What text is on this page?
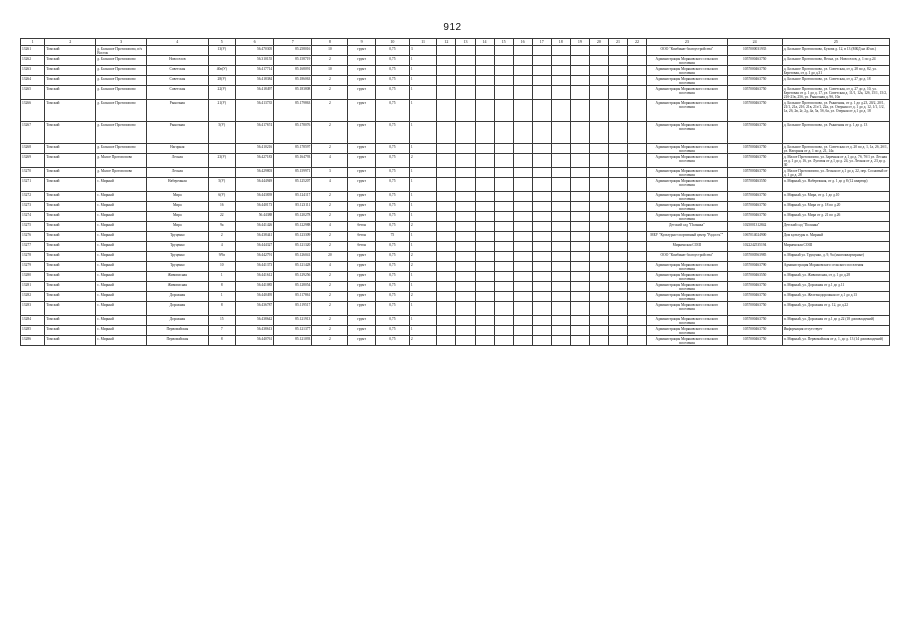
912
1	2	3	4	5	6	7	8	9	10	11	12	13	14	15	16	17	18	19	20	21	22	23	24	25
13261	Томский	д. Большое Протопопово, п/ч Восток		13(У)	56.470305	85.258016	10	грунт	0,75	3												ООО "Комбинат благоустройства"	1057000031935	д. Большое Протопопово, Бухова д. 12, в 13 (МКД на 40 кв.)
13262	Томский	д. Большое Протопопово	Новоселов		56.310155	85.158719	2	грунт	0,75	1												Администрация Моряковского сельского поселения	1057000463750	д. Большое Протопопово, Весна, ул. Новоселов, д. 1 по д.24
13263	Томский	д. Большое Протопопово	Советская	40в(У)	56.417714	85.168091	10	грунт	0,75	1												Администрация Моряковского сельского поселения	1057000463750	д. Большое Протопопово, ул. Советская, от д. 28 по д. 82, ул. Береговая, от д. 1 до д.31
13264	Томский	д. Большое Протопопово	Советская	28(У)	56.418384	85.186063	2	грунт	0,75	1												Администрация Моряковского сельского поселения	1057000463750	д. Большое Протопопово, ул. Советская, от д. 27 до д. 18
13265	Томский	д. Большое Протопопово	Советская	22(У)	56.418497	85.183808	2	грунт	0,75	1												Администрация Моряковского сельского поселения	1057000463750	д. Большое Протопопово, ул. Советская, от д. 27 до д. 10, ул. Береговая от д. 1 до д. 17, ул. Советская д. 11/1, 12а, 12б, 15/1, 15/2, 21б-21в, 25б, ул. Рыночная д. 9б, 10а
13266	Томский	д. Большое Протопопово	Рыночная	21(У)	56.413735	85.179863	2	грунт	0,75	1												Администрация Моряковского сельского поселения	1057000463750	д. Большое Протопопово, ул. Рыночная, от д. 1 до д.23, 20/2, 20/1, 21/1, 21а, 21б, 21в, 21г/1, 22а, ул. Озерная от д. 1 до д. 12, 1/1, 1/2, 1а, 2б, 2в, 2г, 2д, 4а, 5а, 5б, 6а, ул. Озерная от д.1 до д. 18
13267	Томский	д. Большое Протопопово	Рыночная	5(У)	56.417674	85.178076	2	грунт	0,75	1												Администрация Моряковского сельского поселения	1057000463750	д. Большое Протопопово, ул. Рыночная от д. 1 до д. 13
13268	Томский	д. Большое Протопопово	Нагорная		56.410216	85.178597	2	грунт	0,75	1												Администрация Моряковского сельского поселения	1057000463750	д. Большое Протопопово, ул. Советская от д. 20 по д. 1, 1а, 2б, 2б/1, ул. Нагорная от д. 1 по д. 21, 14а
13269	Томский	д. Малое Протопопово	Лесная	23(У)	56.427183	85.164793	4	грунт	0,75	2												Администрация Моряковского сельского поселения	1057000463750	д. Малое Протопопово, ул. Заречная от д.1 до д. 7б, 7б/1 ул. Лесная от д. 1 до д. 16, ул. Луговая от д.1 до д. 24, ул. Лесная от д. 23 до д. 30
13270	Томский	д. Малое Протопопово	Лесная		56.429803	85.159971	3	грунт	0,75	1												Администрация Моряковского сельского поселения	1057000463750	д. Малое Протопопово, ул. Лесная от д.1 до д. 22, пер. Сосновый от д. 1 до д. 28
13271	Томский	с. Мирный	Набережная	5(У)	56.444949	85.125207	4	грунт	0,75	1												Администрация Моряковского сельского поселения	1057000463550	п. Мирный, ул. Набережная, от д. 1 до д 8 (12 квартир)
13272	Томский	с. Мирный	Мира	6(У)	56.443839	85.124117	2	грунт	0,75	1												Администрация Моряковского сельского поселения	1057000463750	п. Мирный, ул. Мира, от д. 1 до д.10
13273	Томский	с. Мирный	Мира	16	56.440173	85.123111	2	грунт	0,75	1												Администрация Моряковского сельского поселения	1057000463750	п. Мирный, ул. Мира от д. 18 по д.20
13274	Томский	с. Мирный	Мира	22	56.44388	85.120278	2	грунт	0,75	1												Администрация Моряковского сельского поселения	1057000463750	п. Мирный, ул. Мира от д. 21 по д.26
13275	Томский	с. Мирный	Мира	9а	56.441426	85.122988	4	бетон	0,75	2												Детский сад "Полянка"	1025001312842	Детский сад "Полянка"
13276	Томский	с. Мирный	Труценко	2	56.438441	85.123309	2	бетон	75	1												МБУ "Культурно-спортивный центр "Радость""	1067014024900	Дом культуры п. Мирный
13277	Томский	с. Мирный	Труценко	4	56.444327	85.121320	2	бетон	0,75	1												Мирненская СОШ	1022242535194	Мирненская СОШ
13278	Томский	с. Мирный	Труценко	9/9а	56.442791	85.126041	20	грунт	0,75	2												ООО "Комбинат благоустройства"	1057000563985	п. Мирный ул. Труценко, д. 9, 9а (многоквартирные)
13279	Томский	с. Мирный	Труценко	10	56.441373	85.121428	4	грунт	0,75	2												Администрация Моряковского сельского поселения	1057000463790	Администрация Моряковского сельского поселения
13280	Томский	с. Мирный	Живописная	1	56.441612	85.129256	2	грунт	0,75	1												Администрация Моряковского сельского поселения	1057000463550	п. Мирный, ул. Живописная, от д. 1 до д.28
13281	Томский	с. Мирный	Живописная	8	56.441085	85.128054	2	грунт	0,75	1												Администрация Моряковского сельского поселения	1057000463750	п. Мирный, ул. Дорожная от д.1 до д.11
13282	Томский	с. Мирный	Дорожная	1	56.440495	85.117861	2	грунт	0,75	2												Администрация Моряковского сельского поселения	1057000463750	п. Мирный, ул. Железнодорожная от д.1 до д.13
13283	Томский	с. Мирный	Дорожная	8	56.436787	85.119517	2	грунт	0,75	1												Администрация Моряковского сельского поселения	1057000463750	п. Мирный, ул. Дорожная от д. 12, до д.22
13284	Томский	с. Мирный	Дорожная	15	56.438642	85.121913	2	грунт	0,75	1												Администрация Моряковского сельского поселения	1057000463750	п. Мирный, ул. Дорожная от д.1 до д.22 (18 домовладений)
13285	Томский	с. Мирный	Первомайская	7	56.438613	85.121377	2	грунт	0,75	1												Администрация Моряковского сельского поселения	1057000463750	Информация отсутствует
13286	Томский	с. Мирный	Первомайская	8	56.440761	85.121093	2	грунт	0,75	2												Администрация Моряковского сельского поселения	1057000463750	п. Мирный, ул. Первомайская от д. 1, до д. 13 (14 домовладений)
